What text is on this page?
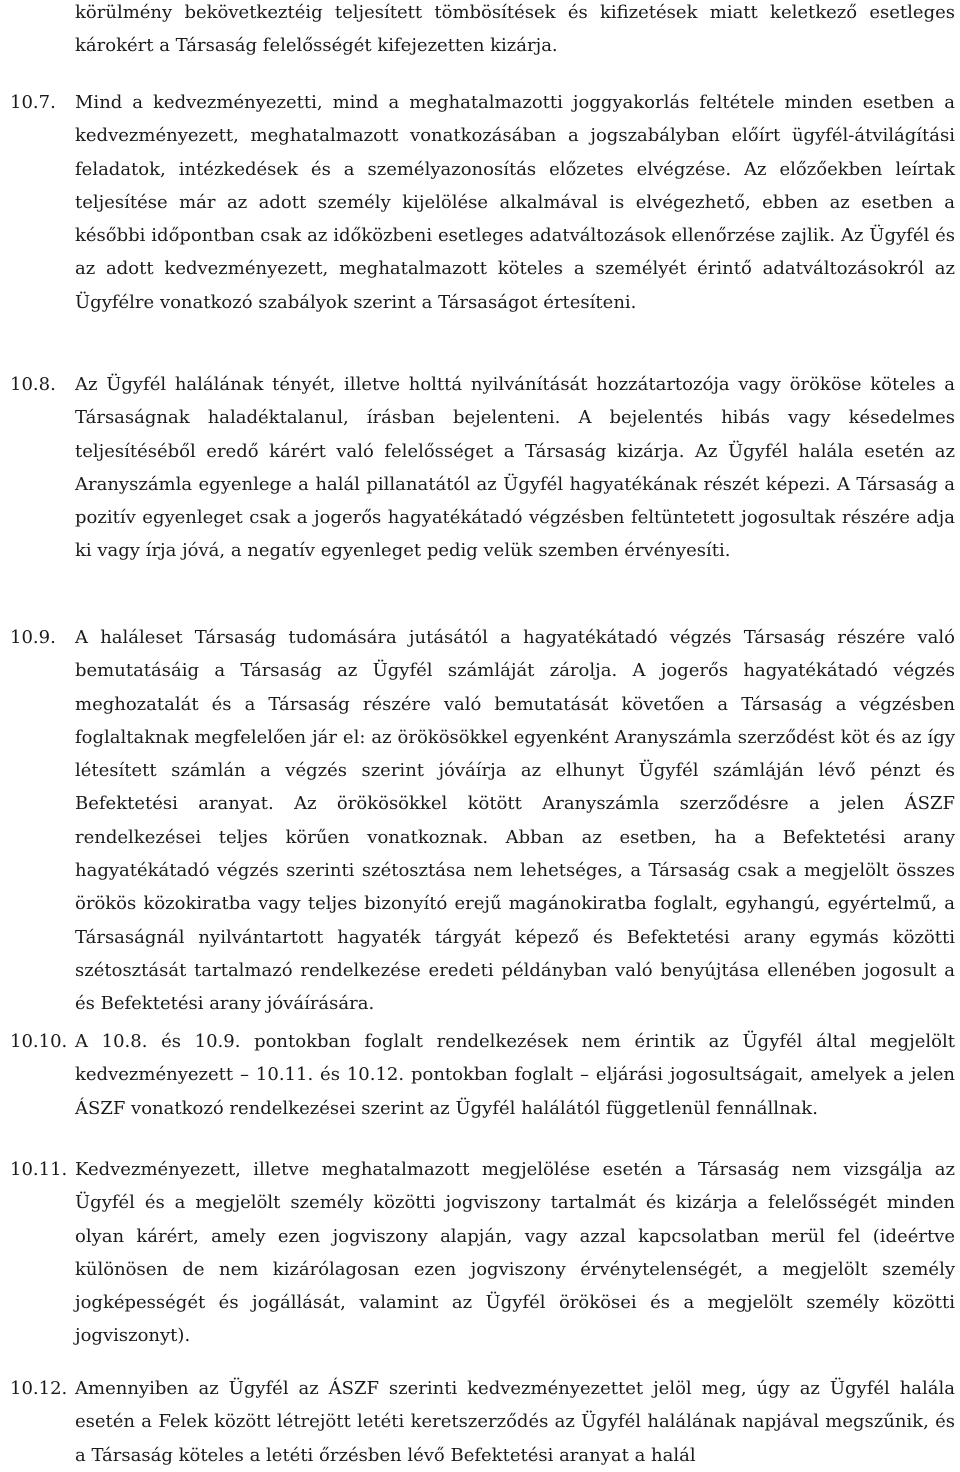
körülmény bekövetkeztéig teljesített tömbösítések és kifizetések miatt keletkező esetleges károkért a Társaság felelősségét kifejezetten kizárja.
10.7. Mind a kedvezményezetti, mind a meghatalmazotti joggyakorlás feltétele minden esetben a kedvezményezett, meghatalmazott vonatkozásában a jogszabályban előírt ügyfél-átvilágítási feladatok, intézkedések és a személyazonosítás előzetes elvégzése. Az előzőekben leírtak teljesítése már az adott személy kijelölése alkalmával is elvégezhető, ebben az esetben a későbbi időpontban csak az időközbeni esetleges adatváltozások ellenőrzése zajlik. Az Ügyfél és az adott kedvezményezett, meghatalmazott köteles a személyét érintő adatváltozásokról az Ügyfélre vonatkozó szabályok szerint a Társaságot értesíteni.
10.8. Az Ügyfél halálának tényét, illetve holttá nyilvánítását hozzátartozója vagy örököse köteles a Társaságnak haladéktalanul, írásban bejelenteni. A bejelentés hibás vagy késedelmes teljesítéséből eredő kárért való felelősséget a Társaság kizárja. Az Ügyfél halála esetén az Aranyszámla egyenlege a halál pillanatától az Ügyfél hagyatékának részét képezi. A Társaság a pozitív egyenleget csak a jogerős hagyatékátadó végzésben feltüntetett jogosultak részére adja ki vagy írja jóvá, a negatív egyenleget pedig velük szemben érvényesíti.
10.9. A haláleset Társaság tudomására jutásától a hagyatékátadó végzés Társaság részére való bemutatásáig a Társaság az Ügyfél számláját zárolja. A jogerős hagyatékátadó végzés meghozatalát és a Társaság részére való bemutatását követően a Társaság a végzésben foglaltaknak megfelelően jár el: az örökösökkel egyenként Aranyszámla szerződést köt és az így létesített számlán a végzés szerint jóváírja az elhunyt Ügyfél számláján lévő pénzt és Befektetési aranyat. Az örökösökkel kötött Aranyszámla szerződésre a jelen ÁSZF rendelkezései teljes körűen vonatkoznak. Abban az esetben, ha a Befektetési arany hagyatékátadó végzés szerinti szétosztása nem lehetséges, a Társaság csak a megjelölt összes örökös közokiratba vagy teljes bizonyító erejű magánokiratba foglalt, egyhangú, egyértelmű, a Társaságnál nyilvántartott hagyaték tárgyát képező és Befektetési arany egymás közötti szétosztását tartalmazó rendelkezése eredeti példányban való benyújtása ellenében jogosult a és Befektetési arany jóváírására.
10.10. A 10.8. és 10.9. pontokban foglalt rendelkezések nem érintik az Ügyfél által megjelölt kedvezményezett – 10.11. és 10.12. pontokban foglalt – eljárási jogosultságait, amelyek a jelen ÁSZF vonatkozó rendelkezései szerint az Ügyfél halálától függetlenül fennállnak.
10.11. Kedvezményezett, illetve meghatalmazott megjelölése esetén a Társaság nem vizsgálja az Ügyfél és a megjelölt személy közötti jogviszony tartalmát és kizárja a felelősségét minden olyan kárért, amely ezen jogviszony alapján, vagy azzal kapcsolatban merül fel (ideértve különösen de nem kizárólagosan ezen jogviszony érvénytelenségét, a megjelölt személy jogképességét és jogállását, valamint az Ügyfél örökösei és a megjelölt személy közötti jogviszonyt).
10.12. Amennyiben az Ügyfél az ÁSZF szerinti kedvezményezettet jelöl meg, úgy az Ügyfél halála esetén a Felek között létrejött letéti keretszerződés az Ügyfél halálának napjával megszűnik, és a Társaság köteles a letéti őrzésben lévő Befektetési aranyat a halál
